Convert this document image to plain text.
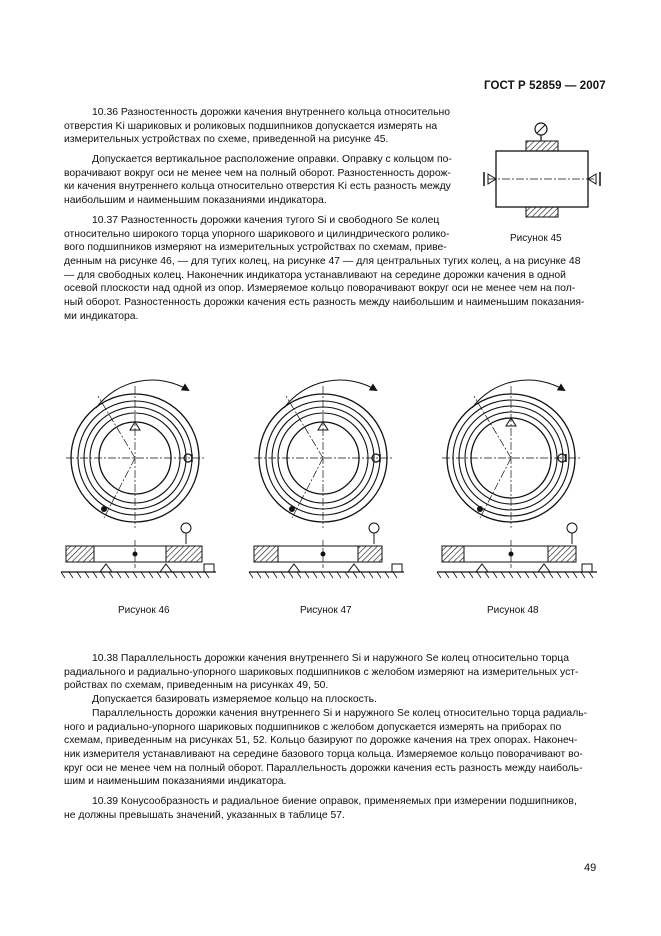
ГОСТ Р 52859 — 2007
10.36 Разностенность дорожки качения внутреннего кольца относительно
отверстия Ki шариковых и роликовых подшипников допускается измерять на
измерительных устройствах по схеме, приведенной на рисунке 45.
Допускается вертикальное расположение оправки. Оправку с кольцом по-
ворачивают вокруг оси не менее чем на полный оборот. Разностенность дорож-
ки качения внутреннего кольца относительно отверстия Ki есть разность между
наибольшим и наименьшим показаниями индикатора.
10.37 Разностенность дорожки качения тугого Si и свободного Se колец
относительно широкого торца упорного шарикового и цилиндрического ролико-
вого подшипников измеряют на измерительных устройствах по схемам, приве-
денным на рисунке 46, — для тугих колец, на рисунке 47 — для центральных тугих колец, а на рисунке 48
— для свободных колец. Наконечник индикатора устанавливают на середине дорожки качения в одной
осевой плоскости над одной из опор. Измеряемое кольцо поворачивают вокруг оси не менее чем на пол-
ный оборот. Разностенность дорожки качения есть разность между наибольшим и наименьшим показания-
ми индикатора.
Рисунок 45
Рисунок 46	Рисунок 47	Рисунок 48
10.38 Параллельность дорожки качения внутреннего Si и наружного Se колец относительно торца
радиального и радиально-упорного шариковых подшипников с желобом измеряют на измерительных уст-
ройствах по схемам, приведенным на рисунках 49, 50.
Допускается базировать измеряемое кольцо на плоскость.
Параллельность дорожки качения внутреннего Si и наружного Se колец относительно торца радиаль-
ного и радиально-упорного шариковых подшипников с желобом допускается измерять на приборах по
схемам, приведенным на рисунках 51, 52. Кольцо базируют по дорожке качения на трех опорах. Наконеч-
ник измерителя устанавливают на середине базового торца кольца. Измеряемое кольцо поворачивают во-
круг оси не менее чем на полный оборот. Параллельность дорожки качения есть разность между наиболь-
шим и наименьшим показаниями индикатора.
10.39 Конусообразность и радиальное биение оправок, применяемых при измерении подшипников,
не должны превышать значений, указанных в таблице 57.
49
